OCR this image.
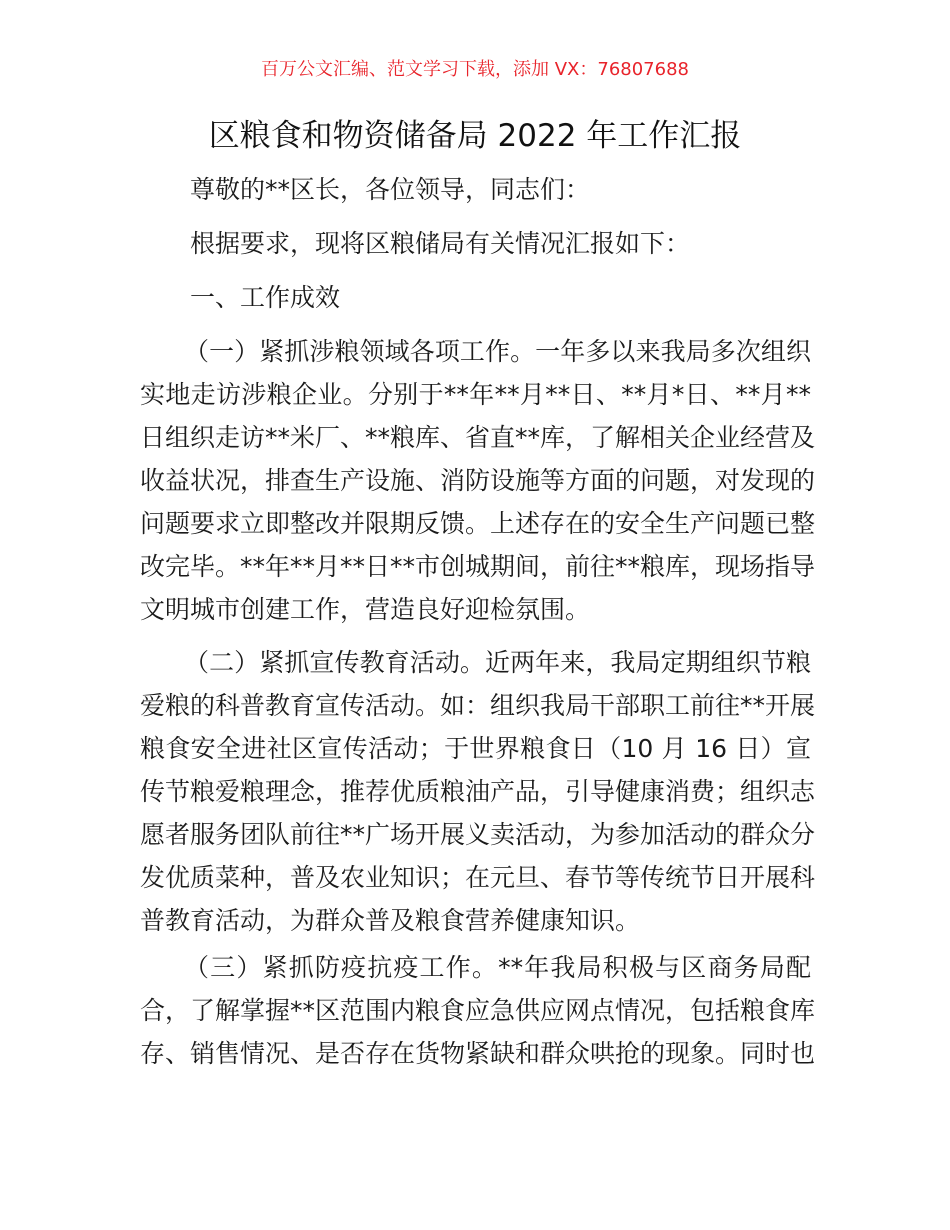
百万公文汇编、范文学习下载，添加 VX：76807688
区粮食和物资储备局 2022 年工作汇报
尊敬的**区长，各位领导，同志们：
根据要求，现将区粮储局有关情况汇报如下：
一、工作成效
（一）紧抓涉粮领域各项工作。一年多以来我局多次组织
实地走访涉粮企业。分别于**年**月**日、**月*日、**月**
日组织走访**米厂、**粮库、省直**库，了解相关企业经营及
收益状况，排查生产设施、消防设施等方面的问题，对发现的
问题要求立即整改并限期反馈。上述存在的安全生产问题已整
改完毕。**年**月**日**市创城期间，前往**粮库，现场指导
文明城市创建工作，营造良好迎检氛围。
（二）紧抓宣传教育活动。近两年来，我局定期组织节粮
爱粮的科普教育宣传活动。如：组织我局干部职工前往**开展
粮食安全进社区宣传活动；于世界粮食日（10 月 16 日）宣
传节粮爱粮理念，推荐优质粮油产品，引导健康消费；组织志
愿者服务团队前往**广场开展义卖活动，为参加活动的群众分
发优质菜种，普及农业知识；在元旦、春节等传统节日开展科
普教育活动，为群众普及粮食营养健康知识。
（三）紧抓防疫抗疫工作。**年我局积极与区商务局配
合，了解掌握**区范围内粮食应急供应网点情况，包括粮食库
存、销售情况、是否存在货物紧缺和群众哄抢的现象。同时也
